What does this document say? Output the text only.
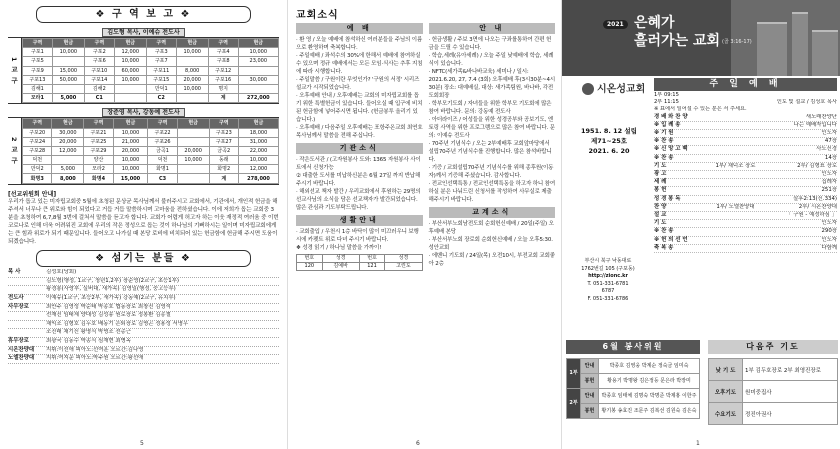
❖ 구 역 보 고 ❖
김도형 목사, 이예슈 전도사
1 교 구
구역	현금	구역	현금	구역	현금	구역	현금
구포1	10,000	구포2	12,000	구포3	10,000	구포4	10,000
구포5		구포6	10,000	구포7		구포8	23,000
구포9	15,000	구포10	60,000	구포11	8,000	구포12	
구포13	50,000	구포14	10,000	구포15	20,000	구포16	30,000
김해1		김해2		만덕1	10,000	명지	
모라1	5,000	C1		C2		계	272,000
장준영 목사, 강동예 전도사
2 교 구
구역	현금	구역	현금	구역	현금	구역	현금
구포20	30,000	구포21	10,000	구포22		구포23	18,000
구포24	20,000	구포25	21,000	구포26		구포27	31,000
구포28	12,000	구포29	20,000	금곡1	20,000	금곡2	22,000
덕천		양산	10,000	덕천	10,000	동래	10,000
만덕2	5,000	모라2	10,000	화명1		화명2	12,000
화명3	8,000	화명4	15,000	C3		계	278,000
[선교위원회 안내]
우리가 돕고 있는 미자립교회중 5월에 초청된 문상균 목사님께서 불러주시고 교회에서, 기관에서, 개인적 헌금을 해 주셔서 너무나 큰 위로와 힘이 되었다고 거듭 거듭 말씀하시며 고마움을 전하셨습니다. 이에 저희가 돕는 교회중 3분을 초청하여 6,7,8월 3번에 걸쳐서 말씀을 듣고자 합니다. 교회가 어렵게 허고자 하는 이웃 재정적 여러움 중 이번 코로나로 인해 더욱 어려워진 교회에 우리의 작은 정성으로 돕는 것이 하나님의 기뻐하시는 일이며 미자립교회에게는 큰 힘과 위로가 되기 때문입니다. 들어오고 나가실 때 본당 로비에 비치되어 있는 헌금함에 헌금해 주시면 도움이 되겠습니다.
❖ 섬기는 분들 ❖
목 사	김성호(당회)
김도형(행정, 1교구, 청년1,2부) 장준영(2교구, 초등1부)
황경봉(사랑부, 실버대, 새가족) 김영일(행정, 중고등부)
전도사	이예슈(1교구, 초등2부, 새가족) 강동예(2교구, 유치부)
사무장로	최만주 김영성 박순태 박종호 협동장로 최창진 김영석
전재진 임태체 양대성 김성송 원로장로 정봉환 김종철
채익조 김형호 김두호 배동기 은퇴장로 김명곤 정용성 서명우
조진래 채기신 황명식 박명조 전총근
휴무장로	최광국 김동수 박종식 심재현 최병옥
시온찬양대	지휘:이선애 피아노:선여훈 오르간:김나영
노엘찬양대	지휘:여지운 피아노:박주원 오르간:황선애
5
교회소식
예 배
· 환 영 / 오늘 예배에 참석하신 여러분들을 주님의 이름으로 환영하며 축복합니다.
· 주일예배 / 좌석수의 30%에 한해서 예배에 참여하실 수 있으며 정규 예배에서는 모든 모임·식사는 추후 지침에 따라 시행합니다.
· 주일말씀 / 구원이란 무엇인가? '구원의 서정' 시리즈설교가 시작되었습니다.
· 오후예배 안내 / 오후예배는 교회의 미자립교회를 돕기 위한 특별헌금이 있습니다. 들어오실 때 입구에 비치된 헌금함에 넣어주시면 됩니다. (헌금봉투 올리기 있습니다.)
· 오후예배 / 다음주일 오후예배는 포항주온교회 최연호 목사님께서 말씀을 전해 주십니다.
기관소식
· 작은도서관 / (고자원봉사 도와: 1365 자원봉사 사이트에서 신청가능
② 대출한 도서를 미납하신분은 6월 27일 까지 반납해 주시기 바랍니다.
· 해외선교 책자 발간 / 우리교회에서 후원하는 29명의 선교사님의 소식을 담은 선교책자가 발간되었습니다. 많은 관심과 기도부탁드립니다.
생활안내
· 교회출입 / 우천시 1층 바닥이 많이 미끄러우니 보행시에 카펫트 위로 다녀 주시기 바랍니다.
❖ 성경 읽기 / 하나님 말씀을 가까이!
번호	성경	번호	성경
120	김예바	121	고린도
안 내
· 헌금생활 / 주보 3면에 나오는 구좌를통하여 간편 헌금을 드릴 수 있습니다.
· 학습,세례(유아세례) / 오늘 주일 낮예배에 학습, 세례식이 있습니다.
· NFTC(세가족&바나바교육) 세미나 / 일시: 2021.6.20, 27, 7.4 (3회) 오후예배 후(3시30분~4시30분) 장소: 대예배실, 대상: 새가족팀원, 바나바, 각전도회회장
· 학부모기도회 / 자녀들을 위한 학부모 기도회에 많은 참여 바랍니다. 문의: 강동예 전도사
· 아더라이즈 / 어성들을 위한 성경공부와 공보기도, 엔토링 사역을 위한 프로그램으로 많은 참여 바랍니다. 문의: 이예슈 전도사
· 70주년 기념식수 / 오는 2부예배후 교회앞마당에서 설립70주년 기념식수를 진행합니다. 많은 참석바랍니다.
· 기증 / 교회설립70주년 기념식수를 위해 종후원(이동자)께서 기증해 주셨습니다. 감사합니다.
· 전교인선택특통 / 전교인선택특동을 하고자 하니 참여하실 분은 나눠드린 신청서를 작성하여 사무실로 제출해주시기 바랍니다.
교계소식
· 부산서부노회남전도회 순회헌신예배 / 20일(주일) 오후예배 본당
· 부산서부노회 장로회 순회헌신예배 / 오늘 오후5:30. 성안교회
· 에벤니 기도회 / 24일(목) 오전10시, 부전교회 교회좋아 2층
6
2021 은혜가
흘러가는 교회 (골 3:16-17)
시온성교회
1951. 8. 12 설립
제71~25호
2021. 6. 20
부산시 북구 낙동대로
1762번길 105 (구포동)
http://zionc.kr
T. 051-331-6781
6787
F. 051-331-6786
주 일 예 배
1부 09:15
2부 11:15	인도 및 설교 / 김성호 목사
※ 표에서 일어설 수 있는 분은 서 주세요.
경 배 와 찬 양	새노래찬양단
※ 입 례 송	나는 예배자입니다
※ 기 원	인도자
※ 찬 송	47장
※ 신 앙 고 백	사도신경
※ 찬 송	14장
기 도	1부/ 채덕조 장로	2부/ 김형표 장로
광 고	인도자
세 례	집례자
봉 헌	251장
성 경 봉 독	살후2:13(신.334)
찬 양	1부/ 노엘찬양대	2부/ 시온찬양대
설 교	「 구원 - 예정하심 」
기 도	인도자
※ 찬 송	290장
※ 헌 의 선 언	인도자
축 복 송	다함께
6월 봉사위원	다음주 기도
1부	안내	박종호 김영웅 박계순 정숙금 임미숙
	봉헌	황용기 박명왕 김은정등 문은라 박장미
2부	안내	박종호 임태체 김명숙 박명준 박제홍 이한주
	봉헌	황기봉 송효진 조문주 김복선 김원숙 김은숙
낮 기 도	1부 김두호장로 2부 최영진장로
오후기도	원미중집사
수요기도	정진아권사
1
